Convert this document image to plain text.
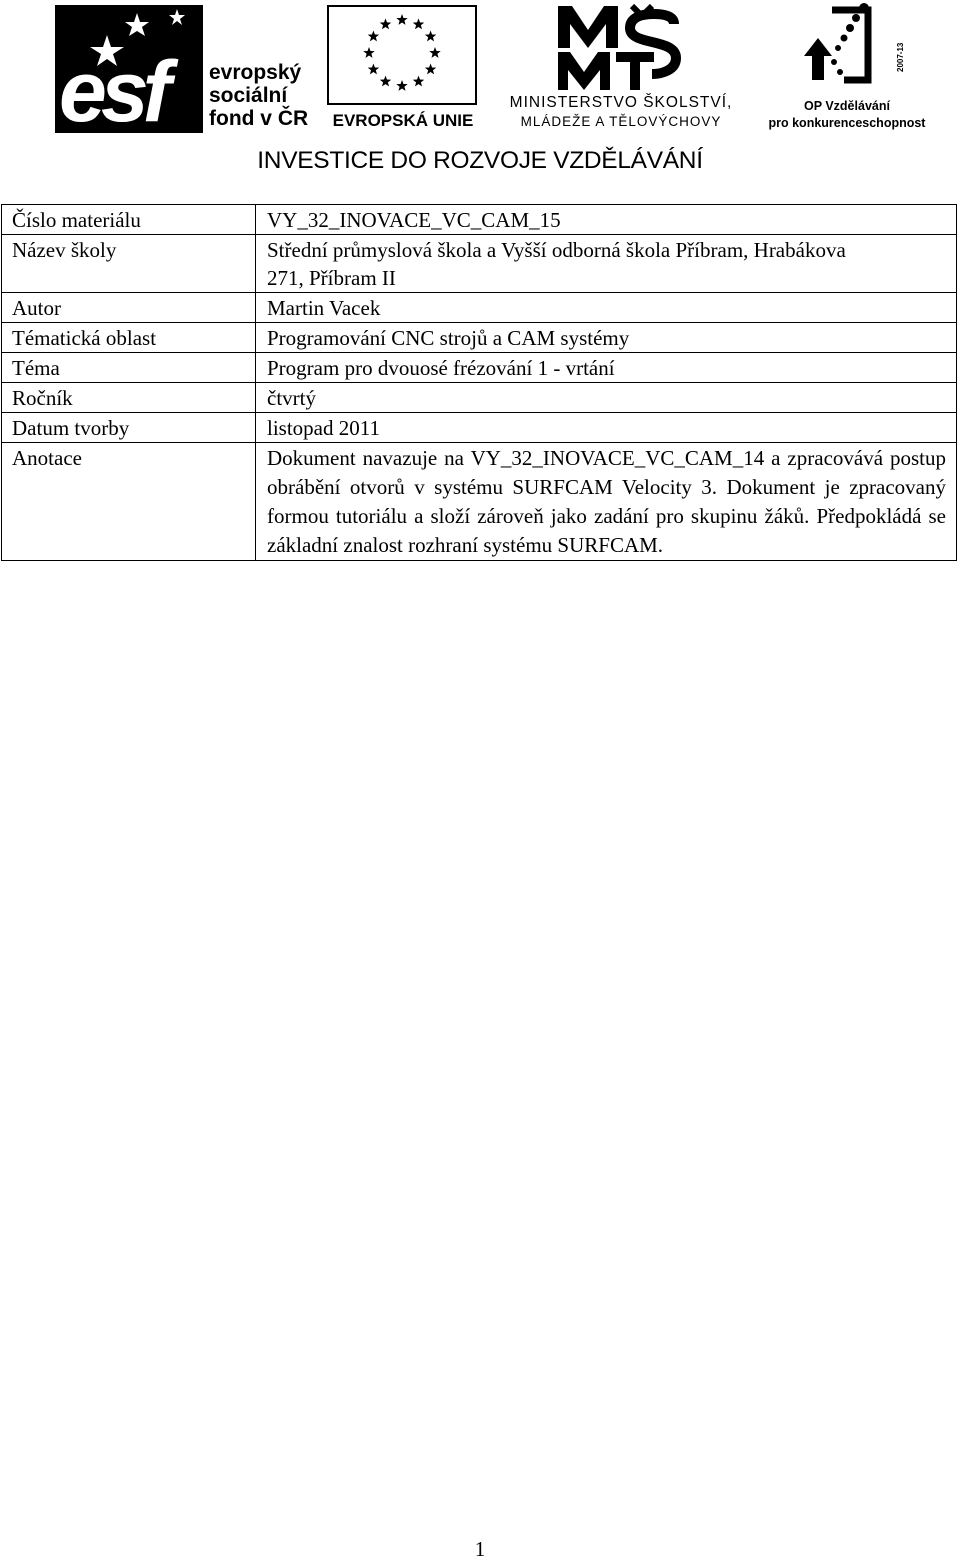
esf	evropský
sociální
fond v ČR	EVROPSKÁ UNIE
MINISTERSTVO ŠKOLSTVÍ,
MLÁDEŽE A TĚLOVÝCHOVY
2007-13
OP Vzdělávání
pro konkurenceschopnost
INVESTICE DO ROZVOJE VZDĚLÁVÁNÍ
Číslo materiálu	VY_32_INOVACE_VC_CAM_15
Název školy	Střední průmyslová škola a Vyšší odborná škola Příbram, Hrabákova 271, Příbram II
Autor	Martin Vacek
Tématická oblast	Programování CNC strojů a CAM systémy
Téma	Program pro dvouosé frézování 1 - vrtání
Ročník	čtvrtý
Datum tvorby	listopad 2011
Anotace	Dokument navazuje na VY_32_INOVACE_VC_CAM_14 a zpracovává postup obrábění otvorů v systému SURFCAM Velocity 3. Dokument je zpracovaný formou tutoriálu a složí zároveň jako zadání pro skupinu žáků. Předpokládá se základní znalost rozhraní systému SURFCAM.
1
